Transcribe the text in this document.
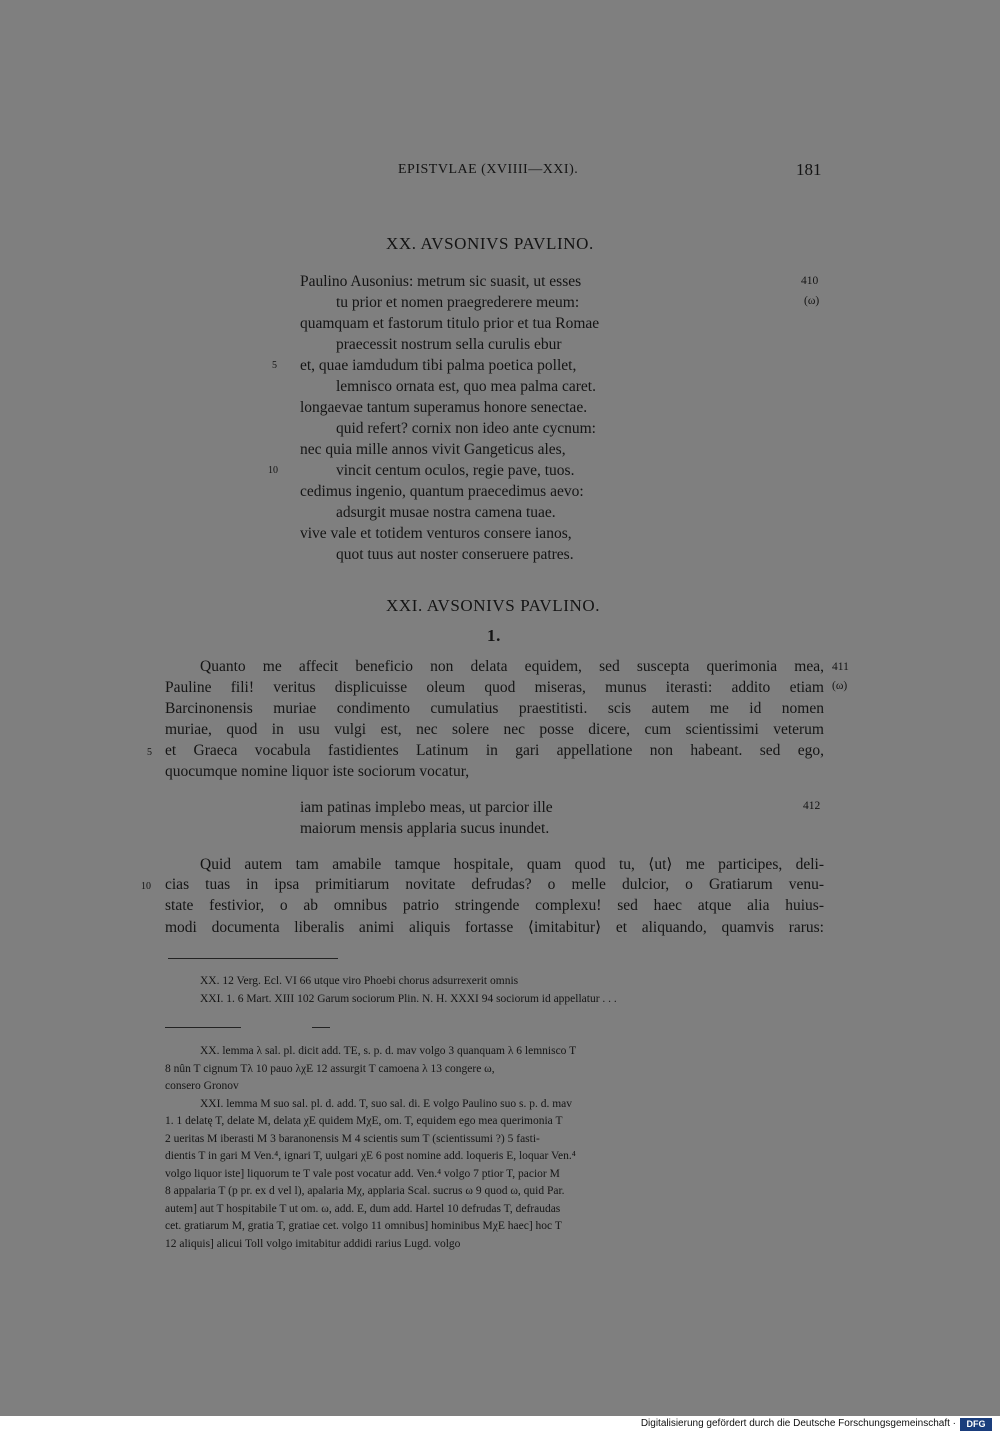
EPISTVLAE (XVIIII—XXI).	181
XX. AVSONIVS PAVLINO.
Paulino Ausonius: metrum sic suasit, ut esses
tu prior et nomen praegrederere meum:
quamquam et fastorum titulo prior et tua Romae
praecessit nostrum sella curulis ebur
et, quae iamdudum tibi palma poetica pollet,
lemnisco ornata est, quo mea palma caret.
longaevae tantum superamus honore senectae.
quid refert? cornix non ideo ante cycnum:
nec quia mille annos vivit Gangeticus ales,
vincit centum oculos, regie pave, tuos.
cedimus ingenio, quantum praecedimus aevo:
adsurgit musae nostra camena tuae.
vive vale et totidem venturos consere ianos,
quot tuus aut noster conseruere patres.
5
10
410
(ω)
XXI. AVSONIVS PAVLINO.
1.
Quanto me affecit beneficio non delata equidem, sed suscepta querimonia mea,
Pauline fili! veritus displicuisse oleum quod miseras, munus iterasti: addito etiam
Barcinonensis muriae condimento cumulatius praestitisti. scis autem me id nomen
muriae, quod in usu vulgi est, nec solere nec posse dicere, cum scientissimi veterum
et Graeca vocabula fastidientes Latinum in gari appellatione non habeant. sed ego,
quocumque nomine liquor iste sociorum vocatur,
5
411
(ω)
iam patinas implebo meas, ut parcior ille
maiorum mensis applaria sucus inundet.
412
Quid autem tam amabile tamque hospitale, quam quod tu, ⟨ut⟩ me participes, deli-
cias tuas in ipsa primitiarum novitate defrudas? o melle dulcior, o Gratiarum venu-
state festivior, o ab omnibus patrio stringende complexu! sed haec atque alia huius-
modi documenta liberalis animi aliquis fortasse ⟨imitabitur⟩ et aliquando, quamvis rarus:
10
XX. 12 Verg. Ecl. VI 66 utque viro Phoebi chorus adsurrexerit omnis
XXI. 1. 6 Mart. XIII 102 Garum sociorum Plin. N. H. XXXI 94 sociorum id appellatur . . .
XX. lemma λ sal. pl. dicit add. TE, s. p. d. mav volgo 3 quanquam λ 6 lemnisco T
8 nûn T cignum Tλ 10 pauo λχE 12 assurgit T camoena λ 13 congere ω,
consero Gronov
XXI. lemma M suo sal. pl. d. add. T, suo sal. di. E volgo Paulino suo s. p. d. mav
1. 1 delatę T, delate M, delata χE quidem MχE, om. T, equidem ego mea querimonia T
2 ueritas M iberasti M 3 baranonensis M 4 scientis sum T (scientissumi ?) 5 fasti-
dientis T in gari M Ven.⁴, ignari T, uulgari χE 6 post nomine add. loqueris E, loquar Ven.⁴
volgo liquor iste] liquorum te T vale post vocatur add. Ven.⁴ volgo 7 ptior T, pacior M
8 appalaria T (p pr. ex d vel l), apalaria Mχ, applaria Scal. sucrus ω 9 quod ω, quid Par.
autem] aut T hospitabile T ut om. ω, add. E, dum add. Hartel 10 defrudas T, defraudas
cet. gratiarum M, gratia T, gratiae cet. volgo 11 omnibus] hominibus MχE haec] hoc T
12 aliquis] alicui Toll volgo imitabitur addidi rarius Lugd. volgo
Digitalisierung gefördert durch die Deutsche Forschungsgemeinschaft ·	DFG
